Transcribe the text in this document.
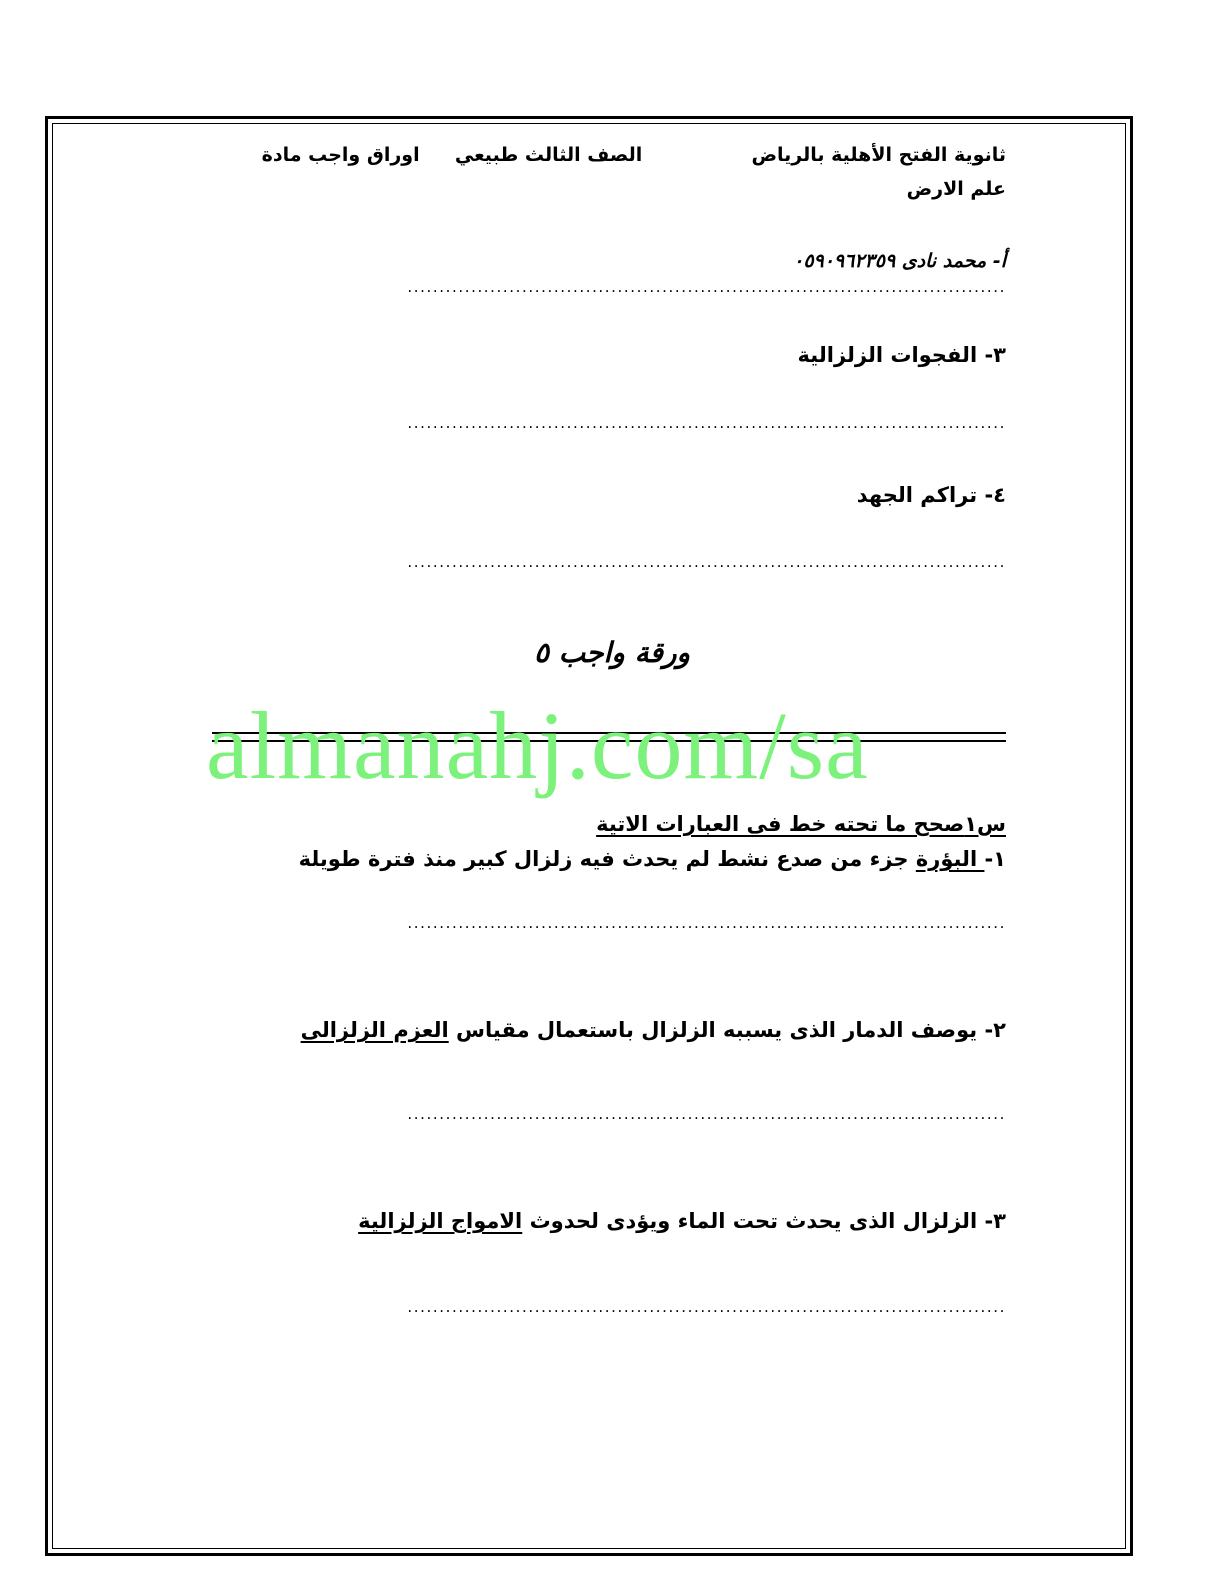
ثانوية الفتح الأهلية بالرياض  الصف الثالث طبيعي  اوراق واجب مادة
علم الارض
أ- محمد نادى ٠٥٩٠٩٦٢٣٥٩
..............................................................................................
٣- الفجوات الزلزالية
..............................................................................................
٤- تراكم الجهد
..............................................................................................
ورقة واجب ٥
almanahj.com/sa
س١صحح ما تحته خط فى العبارات الاتية
١- البؤرة جزء من صدع نشط لم يحدث فيه زلزال كبير منذ فترة طويلة
..............................................................................................
٢- يوصف الدمار الذى يسببه الزلزال باستعمال مقياس العزم الزلزالى
..............................................................................................
٣- الزلزال الذى يحدث تحت الماء ويؤدى لحدوث الامواج الزلزالية
..............................................................................................
